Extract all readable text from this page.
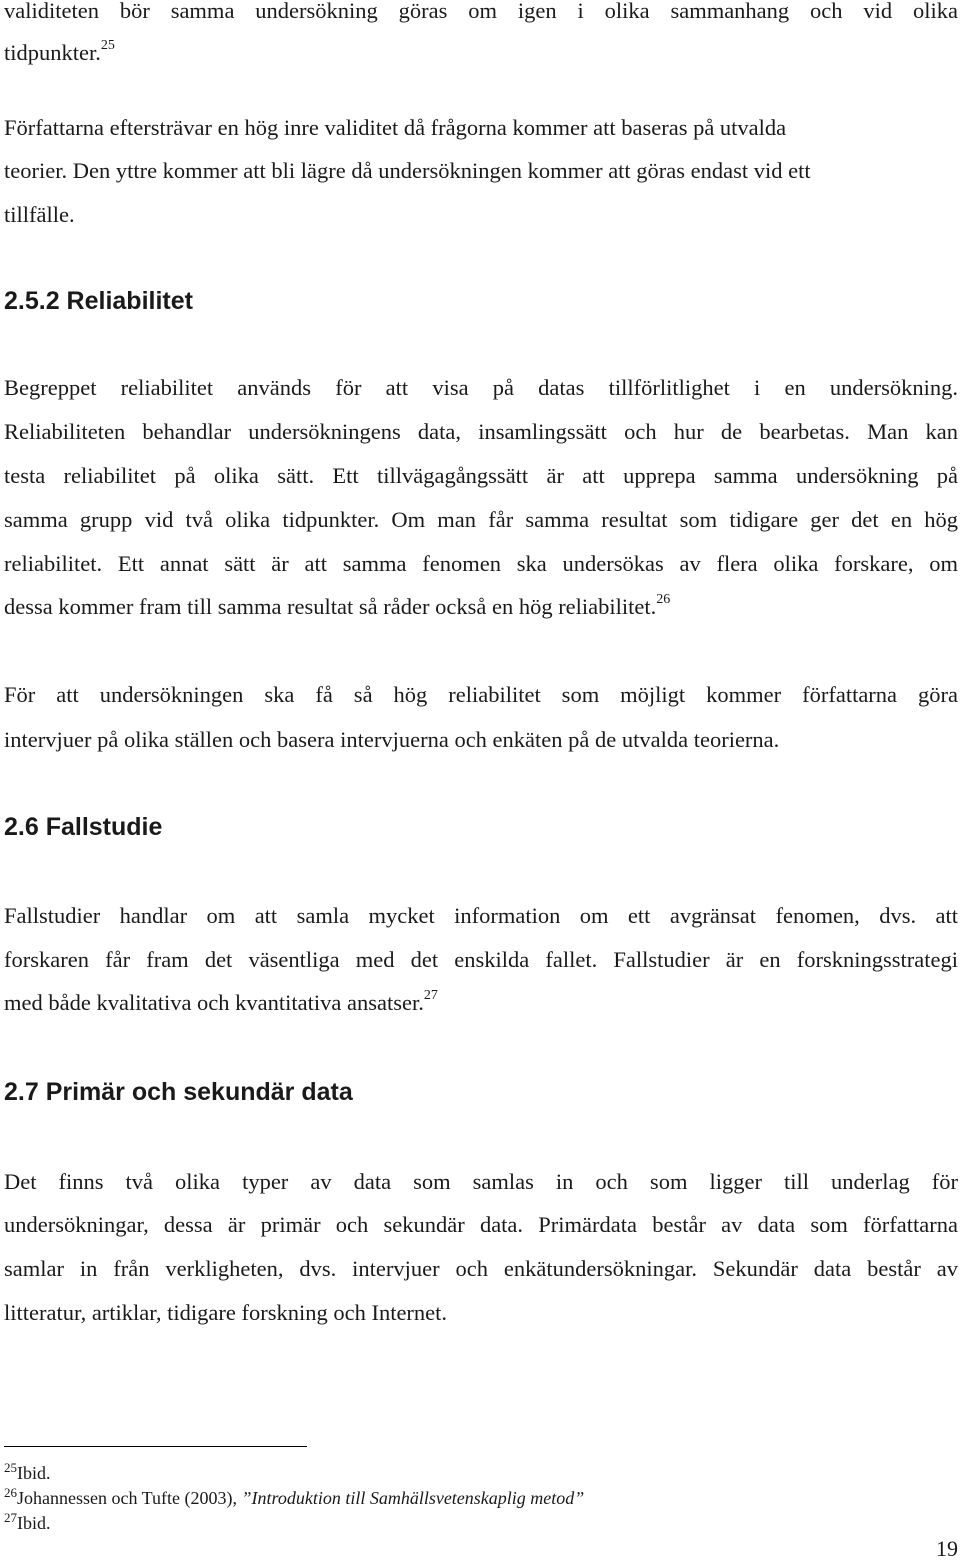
validiteten bör samma undersökning göras om igen i olika sammanhang och vid olika
tidpunkter.$^{25}$
Författarna eftersträvar en hög inre validitet då frågorna kommer att baseras på utvalda
teorier. Den yttre kommer att bli lägre då undersökningen kommer att göras endast vid ett
tillfälle.
2.5.2 Reliabilitet
Begreppet reliabilitet används för att visa på datas tillförlitlighet i en undersökning.
Reliabiliteten behandlar undersökningens data, insamlingssätt och hur de bearbetas. Man kan
testa reliabilitet på olika sätt. Ett tillvägagångssätt är att upprepa samma undersökning på
samma grupp vid två olika tidpunkter. Om man får samma resultat som tidigare ger det en hög
reliabilitet. Ett annat sätt är att samma fenomen ska undersökas av flera olika forskare, om
dessa kommer fram till samma resultat så råder också en hög reliabilitet.$^{26}$
För att undersökningen ska få så hög reliabilitet som möjligt kommer författarna göra
intervjuer på olika ställen och basera intervjuerna och enkäten på de utvalda teorierna.
2.6 Fallstudie
Fallstudier handlar om att samla mycket information om ett avgränsat fenomen, dvs. att
forskaren får fram det väsentliga med det enskilda fallet. Fallstudier är en forskningsstrategi
med både kvalitativa och kvantitativa ansatser.$^{27}$
2.7 Primär och sekundär data
Det finns två olika typer av data som samlas in och som ligger till underlag för
undersökningar, dessa är primär och sekundär data. Primärdata består av data som författarna
samlar in från verkligheten, dvs. intervjuer och enkätundersökningar. Sekundär data består av
litteratur, artiklar, tidigare forskning och Internet.
$^{25}$Ibid.
$^{26}$Johannessen och Tufte (2003), ”Introduktion till Samhällsvetenskaplig metod”
$^{27}$Ibid.
19
